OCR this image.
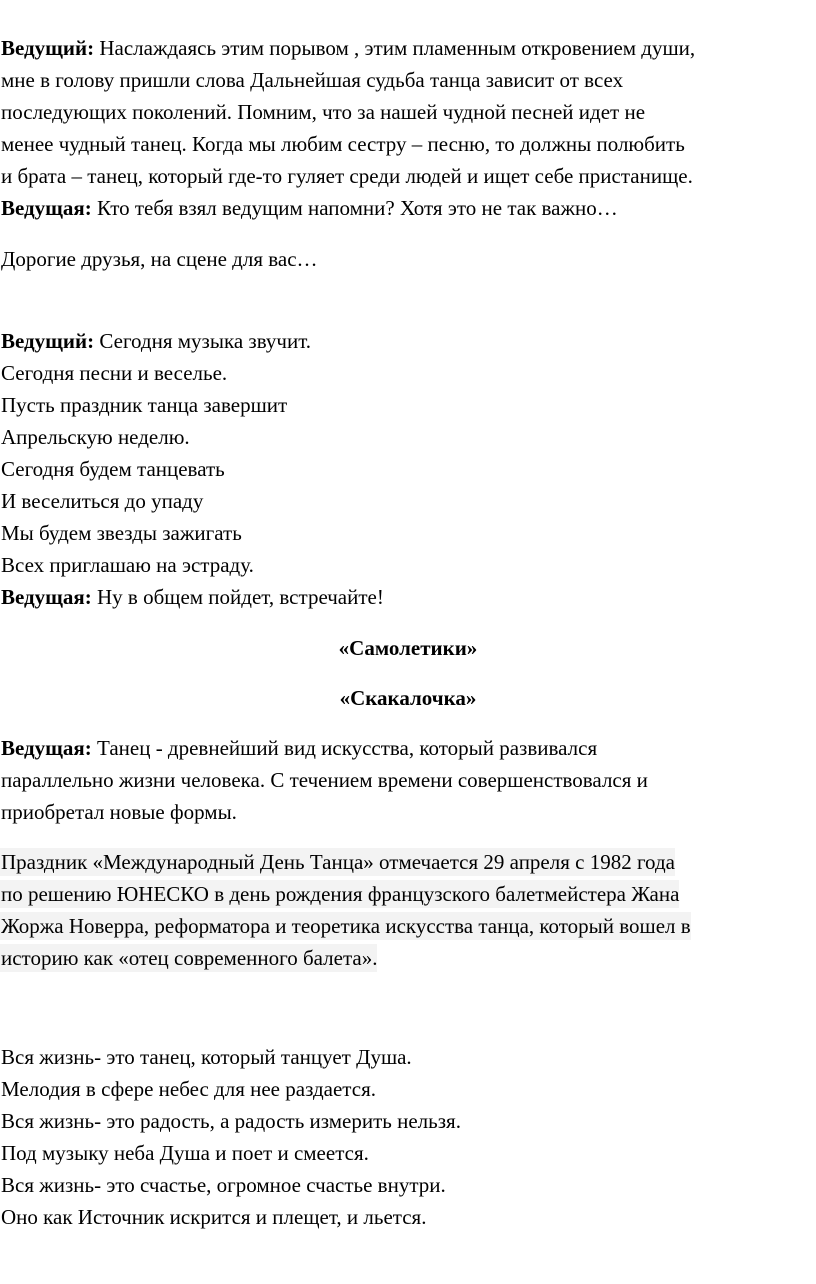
Ведущий: Наслаждаясь этим порывом , этим пламенным откровением души,
мне в голову пришли слова Дальнейшая судьба танца зависит от всех
последующих поколений. Помним, что за нашей чудной песней идет не
менее чудный танец. Когда мы любим сестру – песню, то должны полюбить
и брата – танец, который где-то гуляет среди людей и ищет себе пристанище.
Ведущая: Кто тебя взял ведущим напомни? Хотя это не так важно…
Дорогие друзья, на сцене для вас…
Ведущий: Сегодня музыка звучит.
Сегодня песни и веселье.
Пусть праздник танца завершит
Апрельскую неделю.
Сегодня будем танцевать
И веселиться до упаду
Мы будем звезды зажигать
Всех приглашаю на эстраду.
Ведущая: Ну в общем пойдет, встречайте!
«Самолетики»
«Скакалочка»
Ведущая: Танец - древнейший вид искусства, который развивался
параллельно жизни человека. С течением времени совершенствовался и
приобретал новые формы.
Праздник «Международный День Танца» отмечается 29 апреля с 1982 года
по решению ЮНЕСКО в день рождения французского балетмейстера Жана
Жоржа Новерра, реформатора и теоретика искусства танца, который вошел в
историю как «отец современного балета».
Вся жизнь- это танец, который танцует Душа.
Мелодия в сфере небес для нее раздается.
Вся жизнь- это радость, а радость измерить нельзя.
Под музыку неба Душа и поет и смеется.
Вся жизнь- это счастье, огромное счастье внутри.
Оно как Источник искрится и плещет, и льется.
